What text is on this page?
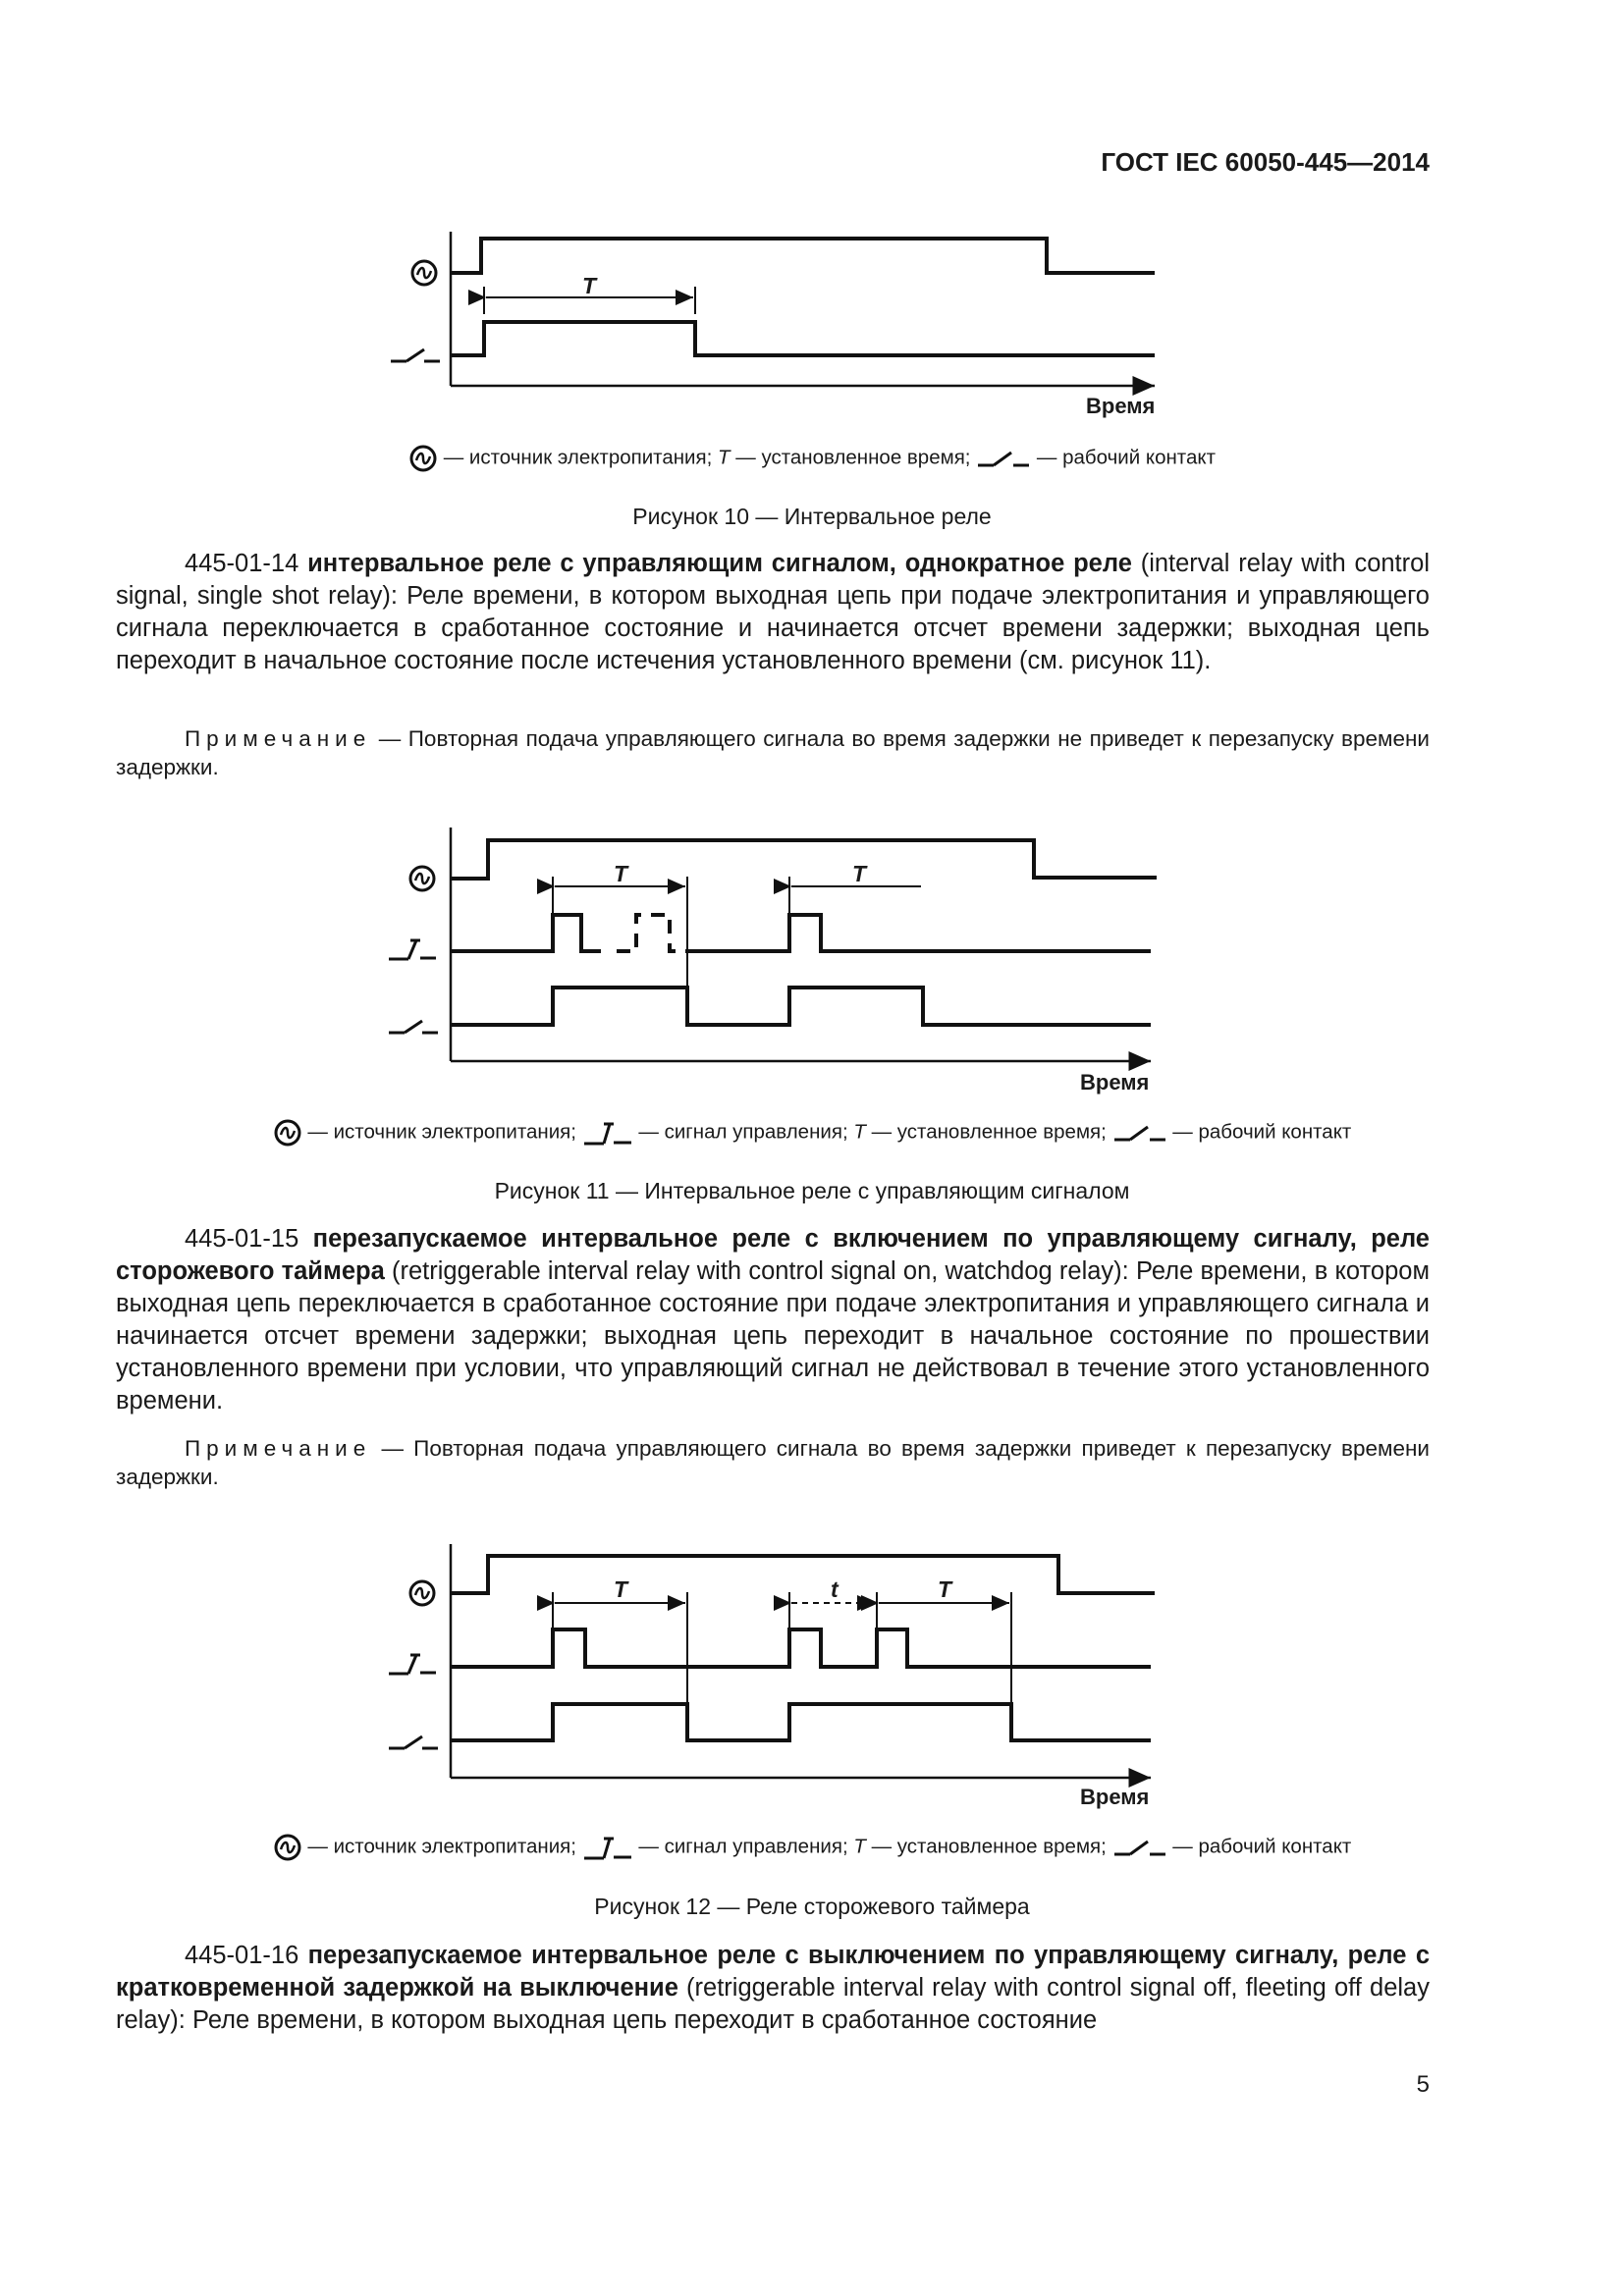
ГОСТ IEC 60050-445—2014
T
Время
— источник электропитания; T — установленное время;	— рабочий контакт
Рисунок 10 — Интервальное реле
445-01-14 интервальное реле с управляющим сигналом, однократное реле (interval relay with control signal, single shot relay): Реле времени, в котором выходная цепь при подаче электропитания и управляющего сигнала переключается в сработанное состояние и начинается отсчет времени задержки; выходная цепь переходит в начальное состояние после истечения установленного времени (см. рисунок 11).
Примечание — Повторная подача управляющего сигнала во время задержки не приведет к перезапуску времени задержки.
T	T
Время
— источник электропитания;	— сигнал управления; T — установленное время;	— рабочий контакт
Рисунок 11 — Интервальное реле с управляющим сигналом
445-01-15 перезапускаемое интервальное реле с включением по управляющему сигналу, реле сторожевого таймера (retriggerable interval relay with control signal on, watchdog relay): Реле времени, в котором выходная цепь переключается в сработанное состояние при подаче электропитания и управляющего сигнала и начинается отсчет времени задержки; выходная цепь переходит в начальное состояние по прошествии установленного времени при условии, что управляющий сигнал не действовал в течение этого установленного времени.
Примечание — Повторная подача управляющего сигнала во время задержки приведет к перезапуску времени задержки.
T	t	T
Время
— источник электропитания;	— сигнал управления; T — установленное время;	— рабочий контакт
Рисунок 12 — Реле сторожевого таймера
445-01-16 перезапускаемое интервальное реле с выключением по управляющему сигналу, реле с кратковременной задержкой на выключение (retriggerable interval relay with control signal off, fleeting off delay relay): Реле времени, в котором выходная цепь переходит в сработанное состояние
5
